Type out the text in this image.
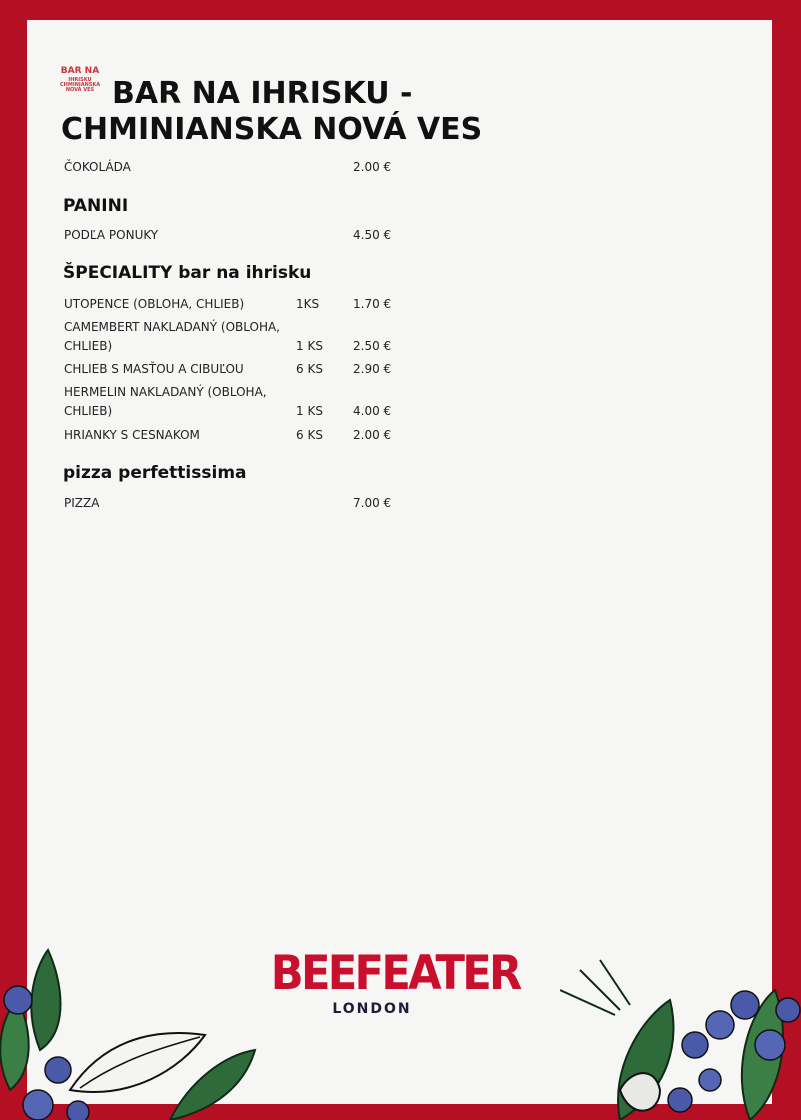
BAR NA
IHRISKU
CHMINIANSKA NOVÁ VES BAR NA IHRISKU -
CHMINIANSKA NOVÁ VES
ČOKOLÁDA	2.00 €
PANINI
PODĽA PONUKY	4.50 €
ŠPECIALITY bar na ihrisku
UTOPENCE (OBLOHA, CHLIEB)	1KS	1.70 €
CAMEMBERT NAKLADANÝ (OBLOHA, CHLIEB)	1 KS	2.50 €
CHLIEB S MASŤOU A CIBUĽOU	6 KS	2.90 €
HERMELIN NAKLADANÝ (OBLOHA, CHLIEB)	1 KS	4.00 €
HRIANKY S CESNAKOM	6 KS	2.00 €
pizza perfettissima
PIZZA	7.00 €
BEEFEATER
LONDON
